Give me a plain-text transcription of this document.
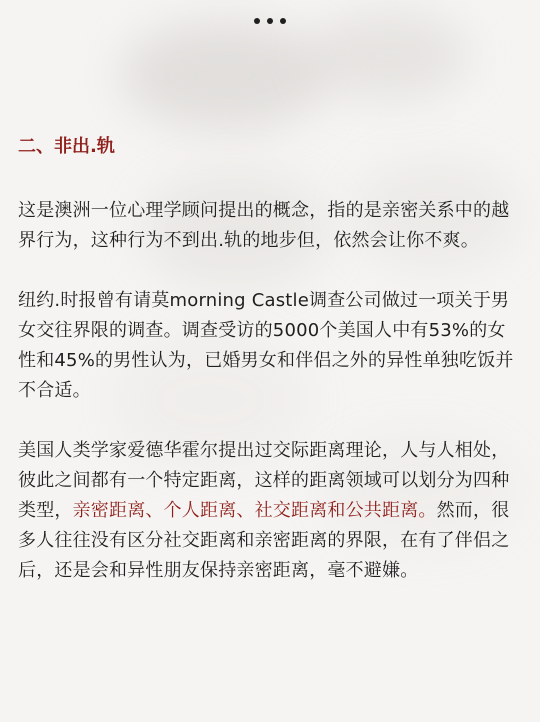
二、非出.轨

这是澳洲一位心理学顾问提出的概念，指的是亲密关系中的越界行为，这种行为不到出.轨的地步但，依然会让你不爽。

纽约.时报曾有请莫morning Castle调查公司做过一项关于男女交往界限的调查。调查受访的5000个美国人中有53%的女性和45%的男性认为，已婚男女和伴侣之外的异性单独吃饭并不合适。

美国人类学家爱德华霍尔提出过交际距离理论，人与人相处，彼此之间都有一个特定距离，这样的距离领域可以划分为四种类型，亲密距离、个人距离、社交距离和公共距离。然而，很多人往往没有区分社交距离和亲密距离的界限，在有了伴侣之后，还是会和异性朋友保持亲密距离，毫不避嫌。
